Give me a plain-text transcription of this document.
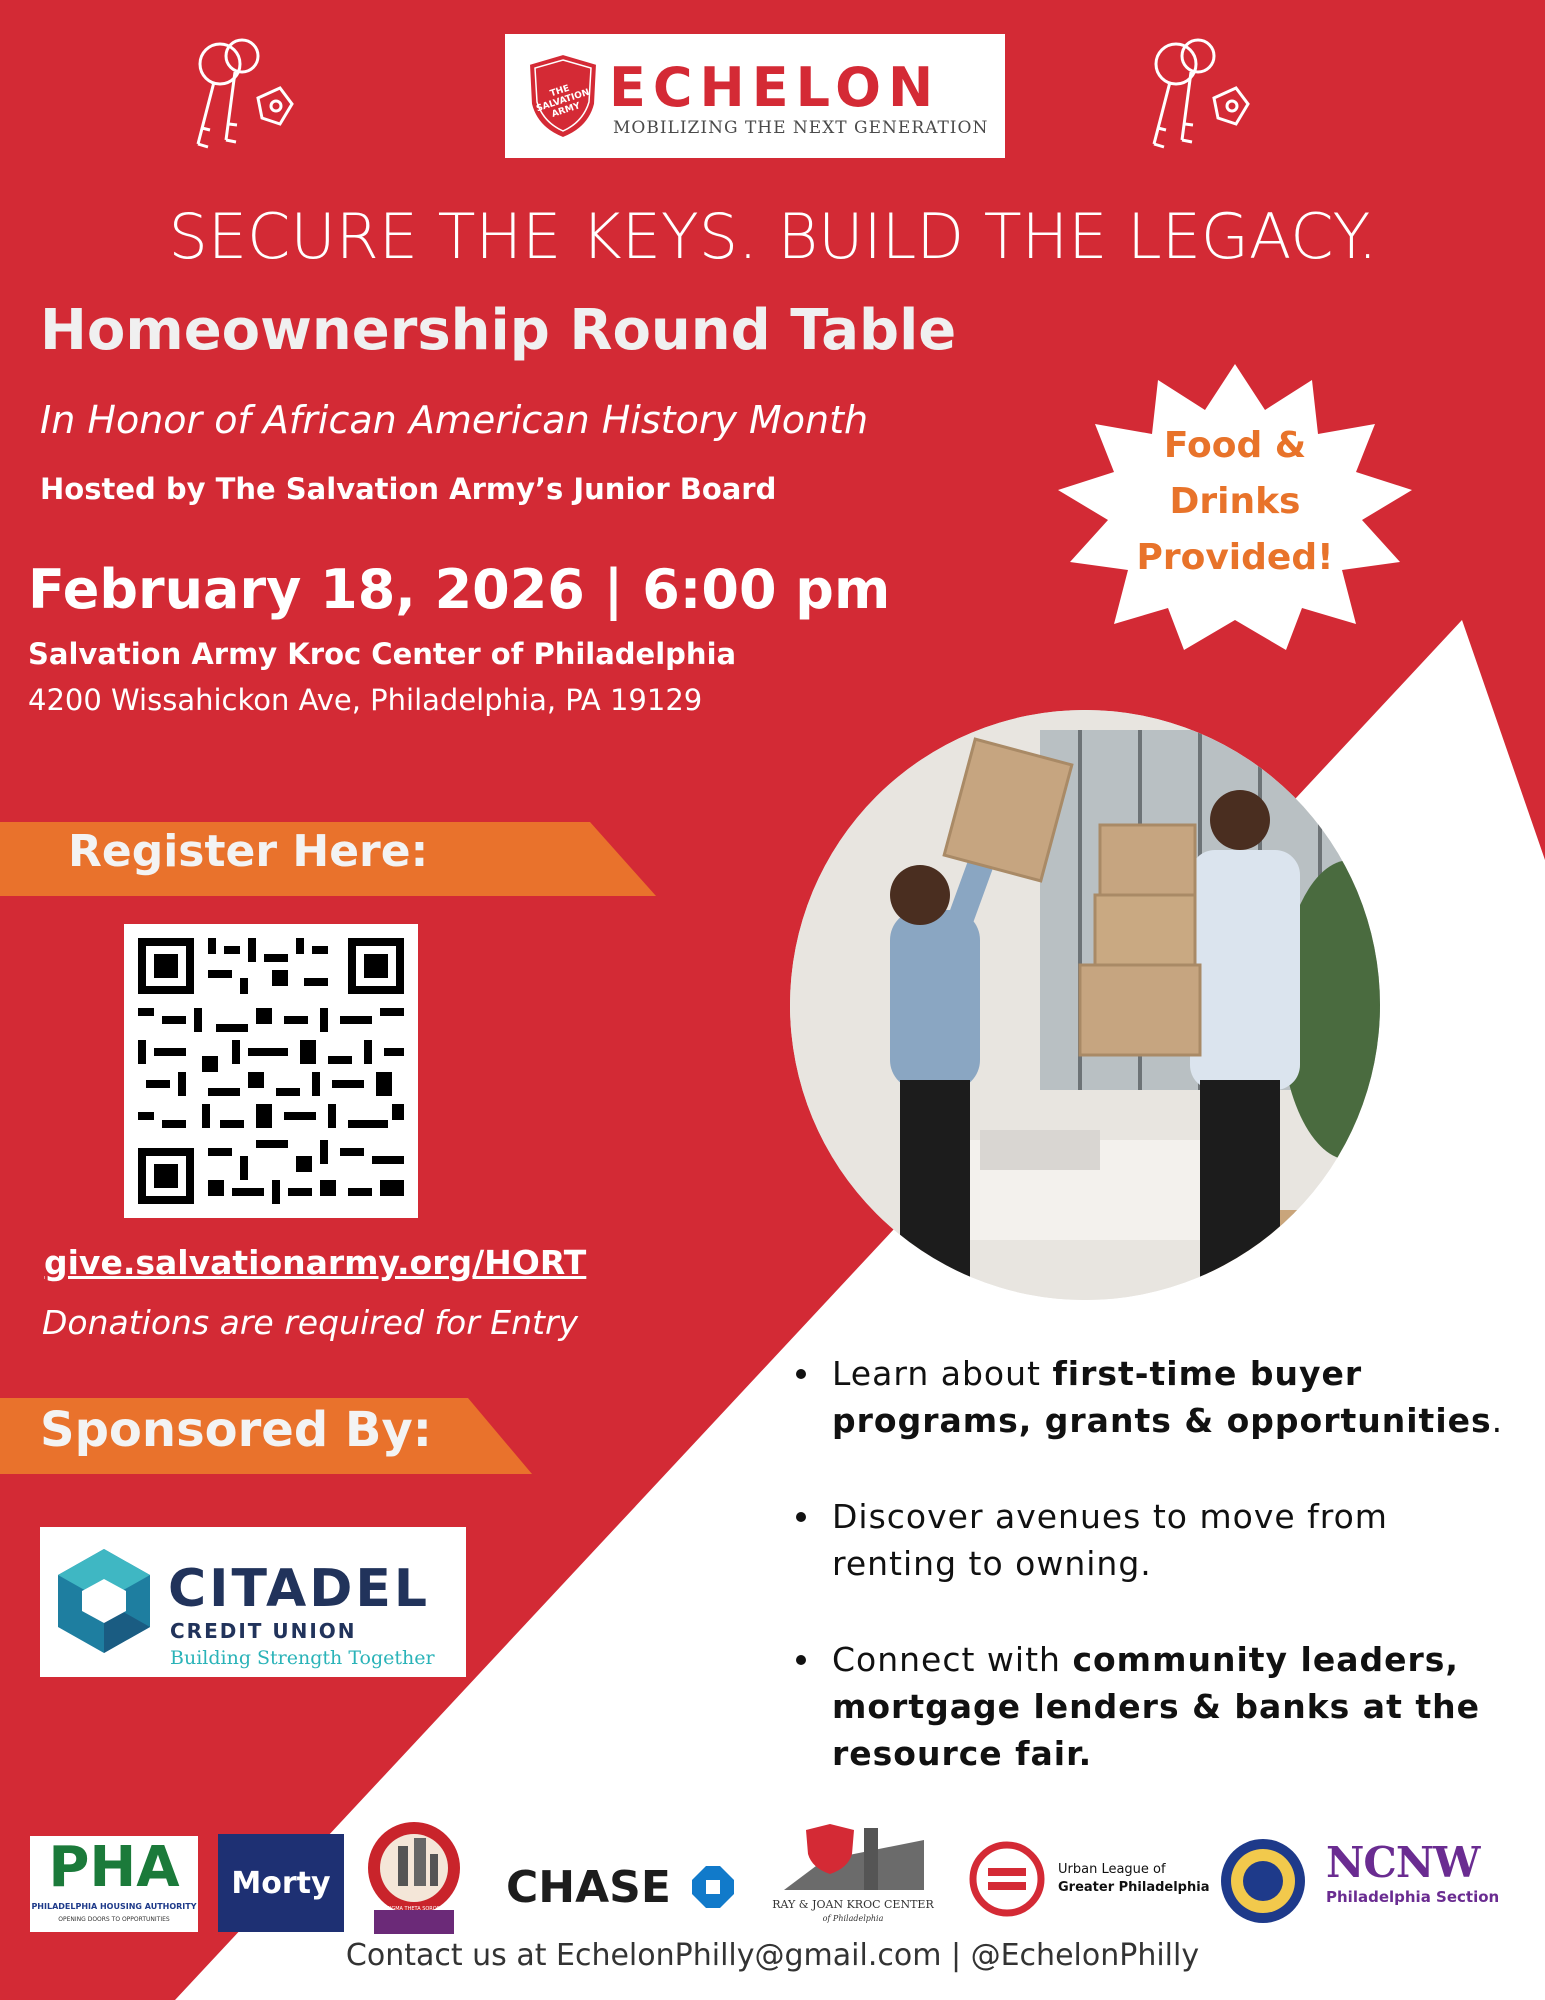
THE SALVATION ARMY ECHELON
MOBILIZING THE NEXT GENERATION
SECURE THE KEYS. BUILD THE LEGACY.
Homeownership Round Table
In Honor of African American History Month
Hosted by The Salvation Army’s Junior Board
February 18, 2026 | 6:00 pm
Salvation Army Kroc Center of Philadelphia
4200 Wissahickon Ave, Philadelphia, PA 19129
Food &
Drinks
Provided!
Register Here:
give.salvationarmy.org/HORT
Donations are required for Entry
Sponsored By:
CITADEL
CREDIT UNION
Building Strength Together
Learn about first-time buyer programs, grants & opportunities.
Discover avenues to move from renting to owning.
Connect with community leaders, mortgage lenders & banks at the resource fair.
PHA
PHILADELPHIA HOUSING AUTHORITY
OPENING DOORS TO OPPORTUNITIES
Morty
DELTA SIGMA THETA SORORITY INC CHASE	RAY & JOAN KROC CENTER
of Philadelphia
Urban League of
Greater Philadelphia
NCNW
Philadelphia Section
Contact us at EchelonPhilly@gmail.com | @EchelonPhilly
